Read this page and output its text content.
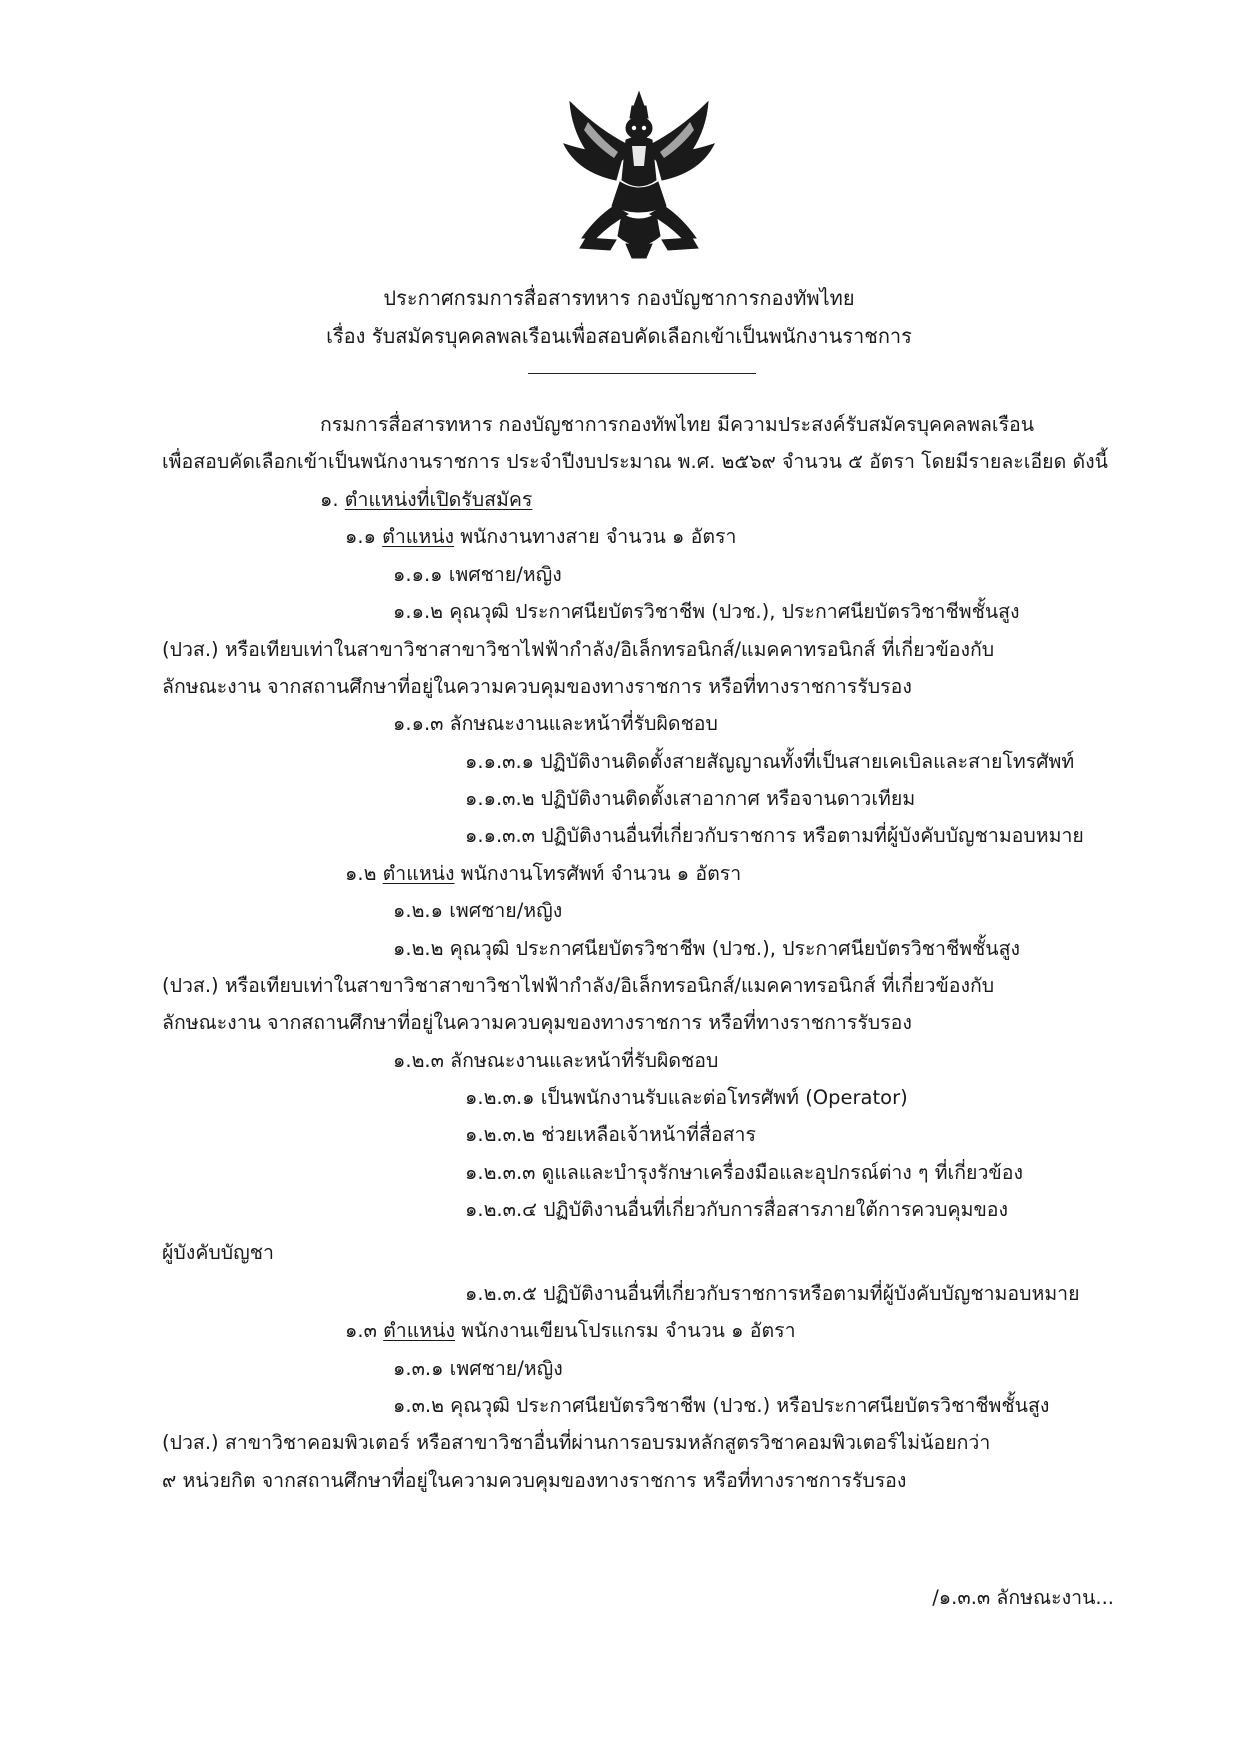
ประกาศกรมการสื่อสารทหาร กองบัญชาการกองทัพไทย
เรื่อง รับสมัครบุคคลพลเรือนเพื่อสอบคัดเลือกเข้าเป็นพนักงานราชการ
กรมการสื่อสารทหาร กองบัญชาการกองทัพไทย มีความประสงค์รับสมัครบุคคลพลเรือน
เพื่อสอบคัดเลือกเข้าเป็นพนักงานราชการ ประจำปีงบประมาณ พ.ศ. ๒๕๖๙ จำนวน ๕ อัตรา โดยมีรายละเอียด ดังนี้
๑. ตำแหน่งที่เปิดรับสมัคร
๑.๑ ตำแหน่ง พนักงานทางสาย จำนวน ๑ อัตรา
๑.๑.๑ เพศชาย/หญิง
๑.๑.๒ คุณวุฒิ ประกาศนียบัตรวิชาชีพ (ปวช.), ประกาศนียบัตรวิชาชีพชั้นสูง
(ปวส.) หรือเทียบเท่าในสาขาวิชาสาขาวิชาไฟฟ้ากำลัง/อิเล็กทรอนิกส์/แมคคาทรอนิกส์ ที่เกี่ยวข้องกับ
ลักษณะงาน จากสถานศึกษาที่อยู่ในความควบคุมของทางราชการ หรือที่ทางราชการรับรอง
๑.๑.๓ ลักษณะงานและหน้าที่รับผิดชอบ
๑.๑.๓.๑ ปฏิบัติงานติดตั้งสายสัญญาณทั้งที่เป็นสายเคเบิลและสายโทรศัพท์
๑.๑.๓.๒ ปฏิบัติงานติดตั้งเสาอากาศ หรือจานดาวเทียม
๑.๑.๓.๓ ปฏิบัติงานอื่นที่เกี่ยวกับราชการ หรือตามที่ผู้บังคับบัญชามอบหมาย
๑.๒ ตำแหน่ง พนักงานโทรศัพท์ จำนวน ๑ อัตรา
๑.๒.๑ เพศชาย/หญิง
๑.๒.๒ คุณวุฒิ ประกาศนียบัตรวิชาชีพ (ปวช.), ประกาศนียบัตรวิชาชีพชั้นสูง
(ปวส.) หรือเทียบเท่าในสาขาวิชาสาขาวิชาไฟฟ้ากำลัง/อิเล็กทรอนิกส์/แมคคาทรอนิกส์ ที่เกี่ยวข้องกับ
ลักษณะงาน จากสถานศึกษาที่อยู่ในความควบคุมของทางราชการ หรือที่ทางราชการรับรอง
๑.๒.๓ ลักษณะงานและหน้าที่รับผิดชอบ
๑.๒.๓.๑ เป็นพนักงานรับและต่อโทรศัพท์ (Operator)
๑.๒.๓.๒ ช่วยเหลือเจ้าหน้าที่สื่อสาร
๑.๒.๓.๓ ดูแลและบำรุงรักษาเครื่องมือและอุปกรณ์ต่าง ๆ ที่เกี่ยวข้อง
๑.๒.๓.๔ ปฏิบัติงานอื่นที่เกี่ยวกับการสื่อสารภายใต้การควบคุมของ
ผู้บังคับบัญชา
๑.๒.๓.๕ ปฏิบัติงานอื่นที่เกี่ยวกับราชการหรือตามที่ผู้บังคับบัญชามอบหมาย
๑.๓ ตำแหน่ง พนักงานเขียนโปรแกรม จำนวน ๑ อัตรา
๑.๓.๑ เพศชาย/หญิง
๑.๓.๒ คุณวุฒิ ประกาศนียบัตรวิชาชีพ (ปวช.) หรือประกาศนียบัตรวิชาชีพชั้นสูง
(ปวส.) สาขาวิชาคอมพิวเตอร์ หรือสาขาวิชาอื่นที่ผ่านการอบรมหลักสูตรวิชาคอมพิวเตอร์ไม่น้อยกว่า
๙ หน่วยกิต จากสถานศึกษาที่อยู่ในความควบคุมของทางราชการ หรือที่ทางราชการรับรอง
/๑.๓.๓ ลักษณะงาน...
